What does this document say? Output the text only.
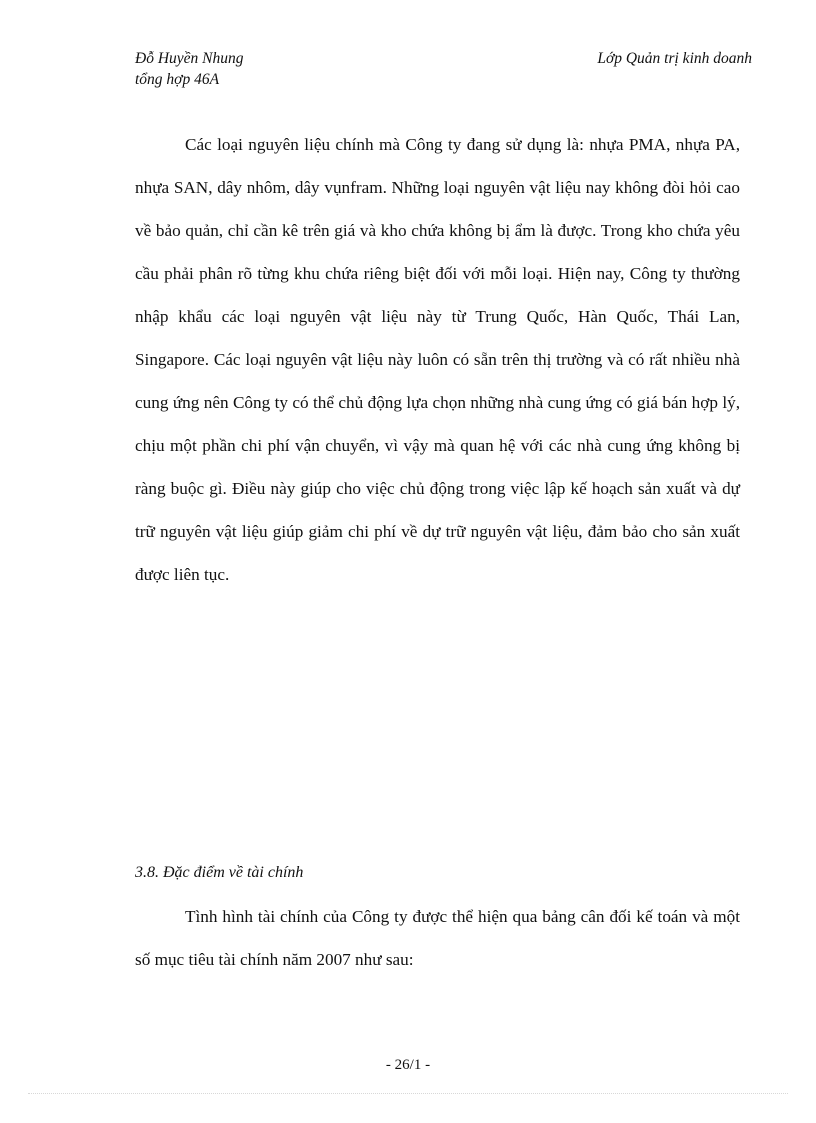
Đỗ Huyền Nhung
tổng hợp 46A
Lớp Quản trị kinh doanh

Các loại nguyên liệu chính mà Công ty đang sử dụng là: nhựa PMA, nhựa PA, nhựa SAN, dây nhôm, dây vụnfram. Những loại nguyên vật liệu nay không đòi hỏi cao về bảo quản, chỉ cần kê trên giá và kho chứa không bị ẩm là được. Trong kho chứa yêu cầu phải phân rõ từng khu chứa riêng biệt đối với mỗi loại. Hiện nay, Công ty thường nhập khẩu các loại nguyên vật liệu này từ Trung Quốc, Hàn Quốc, Thái Lan, Singapore. Các loại nguyên vật liệu này luôn có sẵn trên thị trường và có rất nhiều nhà cung ứng nên Công ty có thể chủ động lựa chọn những nhà cung ứng có giá bán hợp lý, chịu một phần chi phí vận chuyển, vì vậy mà quan hệ với các nhà cung ứng không bị ràng buộc gì. Điều này giúp cho việc chủ động trong việc lập kế hoạch sản xuất và dự trữ nguyên vật liệu giúp giảm chi phí về dự trữ nguyên vật liệu, đảm bảo cho sản xuất được liên tục.

3.8. Đặc điểm về tài chính

Tình hình tài chính của Công ty được thể hiện qua bảng cân đối kế toán và một số mục tiêu tài chính năm 2007 như sau:

- 26/1 -
